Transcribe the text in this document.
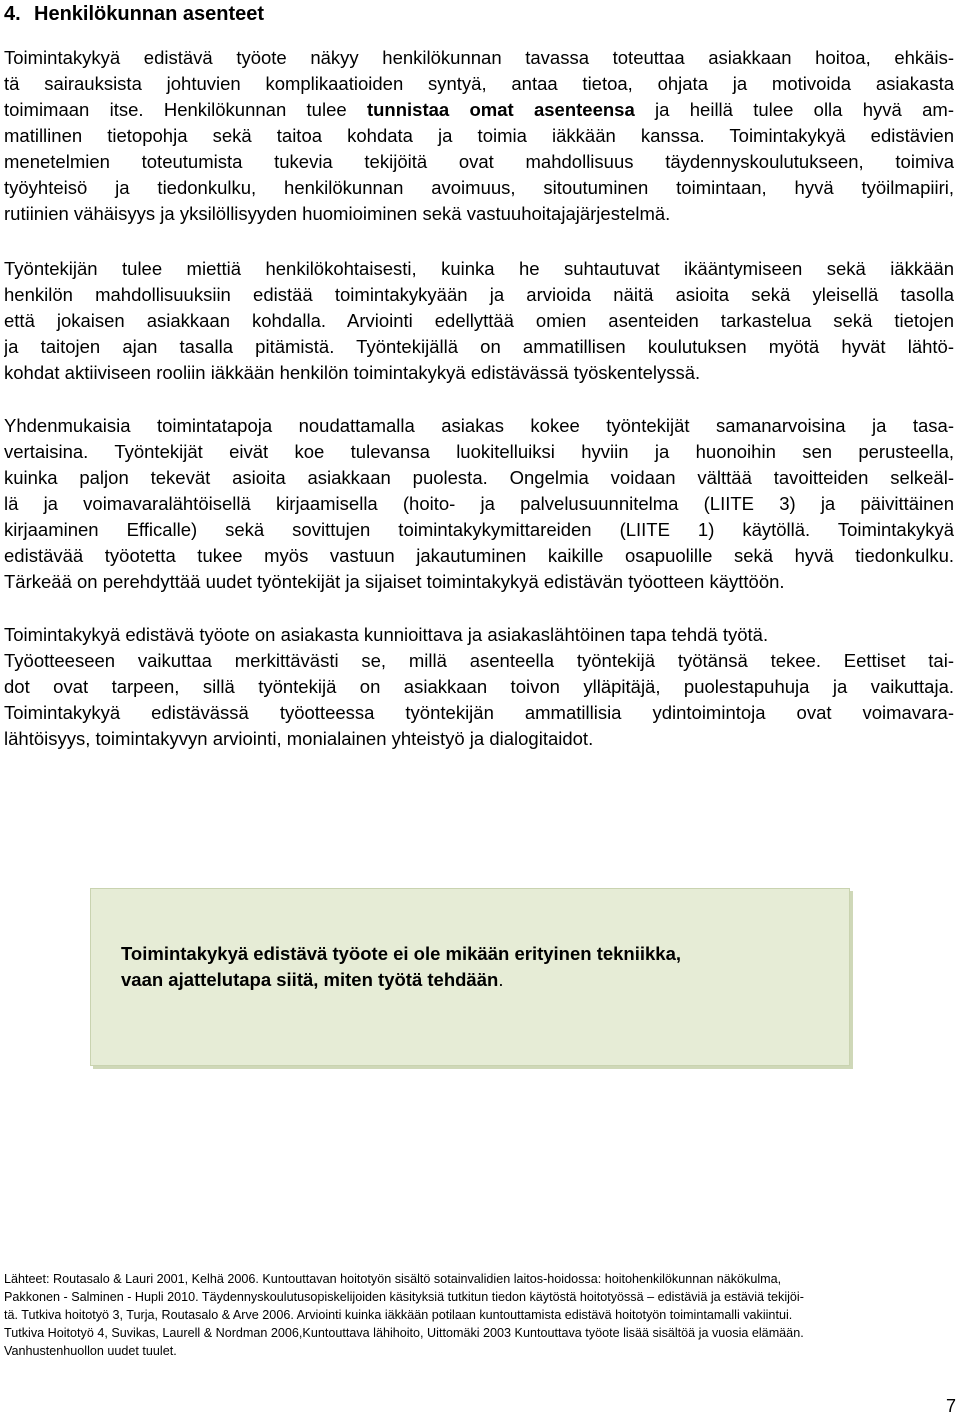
4. Henkilökunnan asenteet
Toimintakykyä edistävä työote näkyy henkilökunnan tavassa toteuttaa asiakkaan hoitoa, ehkäis-
tä sairauksista johtuvien komplikaatioiden syntyä, antaa tietoa, ohjata ja motivoida asiakasta
toimimaan itse. Henkilökunnan tulee tunnistaa omat asenteensa ja heillä tulee olla hyvä am-
matillinen tietopohja sekä taitoa kohdata ja toimia iäkkään kanssa. Toimintakykyä edistävien
menetelmien toteutumista tukevia tekijöitä ovat mahdollisuus täydennyskoulutukseen, toimiva
työyhteisö ja tiedonkulku, henkilökunnan avoimuus, sitoutuminen toimintaan, hyvä työilmapiiri,
rutiinien vähäisyys ja yksilöllisyyden huomioiminen sekä vastuuhoitajajärjestelmä.
Työntekijän tulee miettiä henkilökohtaisesti, kuinka he suhtautuvat ikääntymiseen sekä iäkkään
henkilön mahdollisuuksiin edistää toimintakykyään ja arvioida näitä asioita sekä yleisellä tasolla
että jokaisen asiakkaan kohdalla. Arviointi edellyttää omien asenteiden tarkastelua sekä tietojen
ja taitojen ajan tasalla pitämistä. Työntekijällä on ammatillisen koulutuksen myötä hyvät lähtö-
kohdat aktiiviseen rooliin iäkkään henkilön toimintakykyä edistävässä työskentelyssä.
Yhdenmukaisia toimintatapoja noudattamalla asiakas kokee työntekijät samanarvoisina ja tasa-
vertaisina. Työntekijät eivät koe tulevansa luokitelluiksi hyviin ja huonoihin sen perusteella,
kuinka paljon tekevät asioita asiakkaan puolesta. Ongelmia voidaan välttää tavoitteiden selkeäl-
lä ja voimavaralähtöisellä kirjaamisella (hoito- ja palvelusuunnitelma (LIITE 3) ja päivittäinen
kirjaaminen Efficalle) sekä sovittujen toimintakykymittareiden (LIITE 1) käytöllä. Toimintakykyä
edistävää työotetta tukee myös vastuun jakautuminen kaikille osapuolille sekä hyvä tiedonkulku.
Tärkeää on perehdyttää uudet työntekijät ja sijaiset toimintakykyä edistävän työotteen käyttöön.
Toimintakykyä edistävä työote on asiakasta kunnioittava ja asiakaslähtöinen tapa tehdä työtä.
Työotteeseen vaikuttaa merkittävästi se, millä asenteella työntekijä työtänsä tekee. Eettiset tai-
dot ovat tarpeen, sillä työntekijä on asiakkaan toivon ylläpitäjä, puolestapuhuja ja vaikuttaja.
Toimintakykyä edistävässä työotteessa työntekijän ammatillisia ydintoimintoja ovat voimavara-
lähtöisyys, toimintakyvyn arviointi, monialainen yhteistyö ja dialogitaidot.
Toimintakykyä edistävä työote ei ole mikään erityinen tekniikka,
vaan ajattelutapa siitä, miten työtä tehdään.
Lähteet: Routasalo & Lauri 2001, Kelhä 2006. Kuntouttavan hoitotyön sisältö sotainvalidien laitos-hoidossa: hoitohenkilökunnan näkökulma,
Pakkonen - Salminen - Hupli 2010. Täydennyskoulutusopiskelijoiden käsityksiä tutkitun tiedon käytöstä hoitotyössä – edistäviä ja estäviä tekijöi-
tä. Tutkiva hoitotyö 3, Turja, Routasalo & Arve 2006. Arviointi kuinka iäkkään potilaan kuntouttamista edistävä hoitotyön toimintamalli vakiintui.
Tutkiva Hoitotyö 4, Suvikas, Laurell & Nordman 2006,Kuntouttava lähihoito, Uittomäki 2003 Kuntouttava työote lisää sisältöä ja vuosia elämään.
Vanhustenhuollon uudet tuulet.
7
